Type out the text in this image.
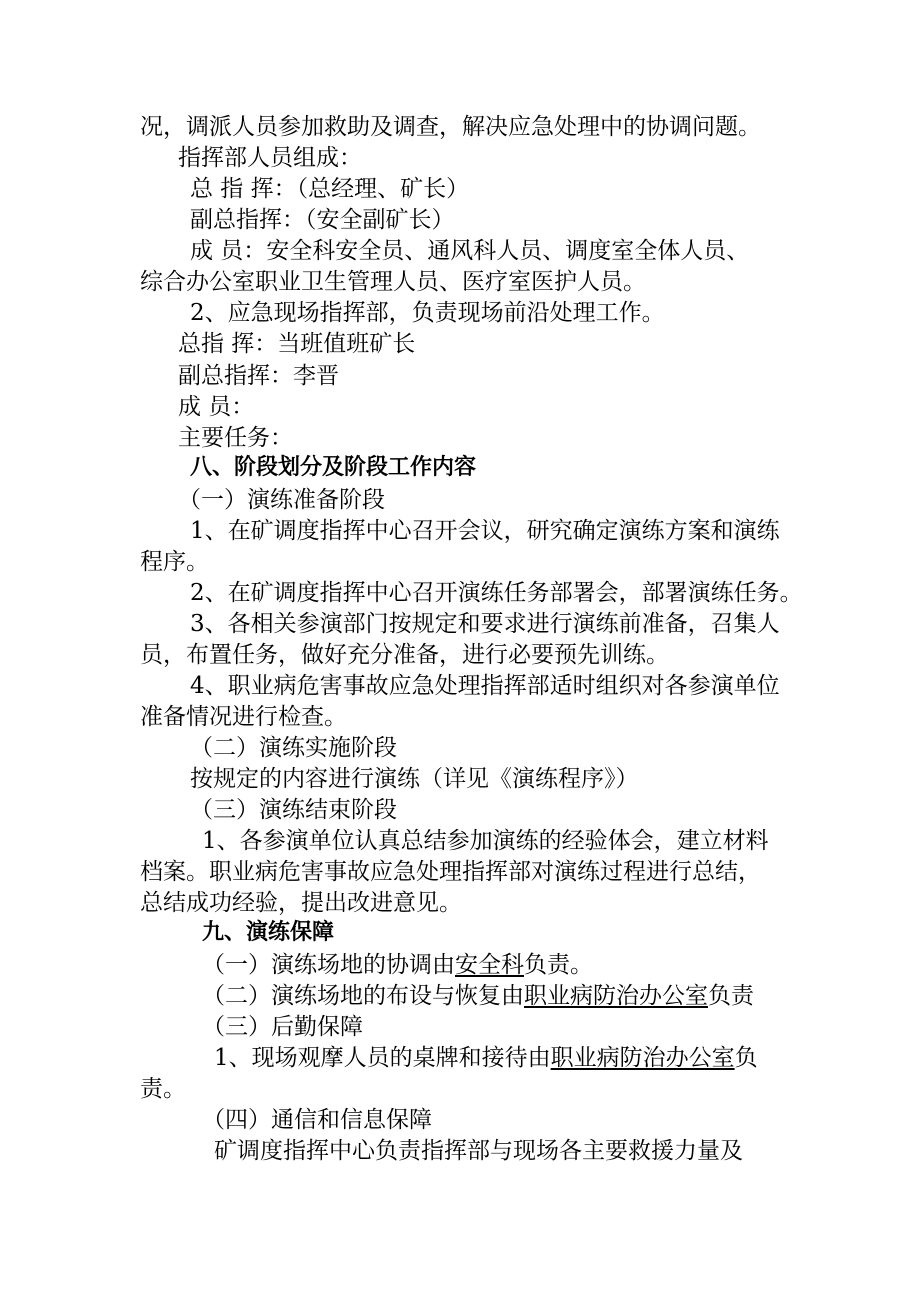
况，调派人员参加救助及调查，解决应急处理中的协调问题。
指挥部人员组成：
总 指 挥：（总经理、矿长）
副总指挥：（安全副矿长）
成 员：安全科安全员、通风科人员、调度室全体人员、
综合办公室职业卫生管理人员、医疗室医护人员。
2、应急现场指挥部，负责现场前沿处理工作。
总指 挥：当班值班矿长
副总指挥：李晋
成 员：
主要任务：
八、阶段划分及阶段工作内容
（一）演练准备阶段
1、在矿调度指挥中心召开会议，研究确定演练方案和演练
程序。
2、在矿调度指挥中心召开演练任务部署会，部署演练任务。
3、各相关参演部门按规定和要求进行演练前准备，召集人
员，布置任务，做好充分准备，进行必要预先训练。
4、职业病危害事故应急处理指挥部适时组织对各参演单位
准备情况进行检查。
（二）演练实施阶段
按规定的内容进行演练（详见《演练程序》）
（三）演练结束阶段
1、各参演单位认真总结参加演练的经验体会，建立材料
档案。职业病危害事故应急处理指挥部对演练过程进行总结，
总结成功经验，提出改进意见。
九、演练保障
（一）演练场地的协调由安全科负责。
（二）演练场地的布设与恢复由职业病防治办公室负责
（三）后勤保障
1、现场观摩人员的桌牌和接待由职业病防治办公室负
责。
（四）通信和信息保障
矿调度指挥中心负责指挥部与现场各主要救援力量及
